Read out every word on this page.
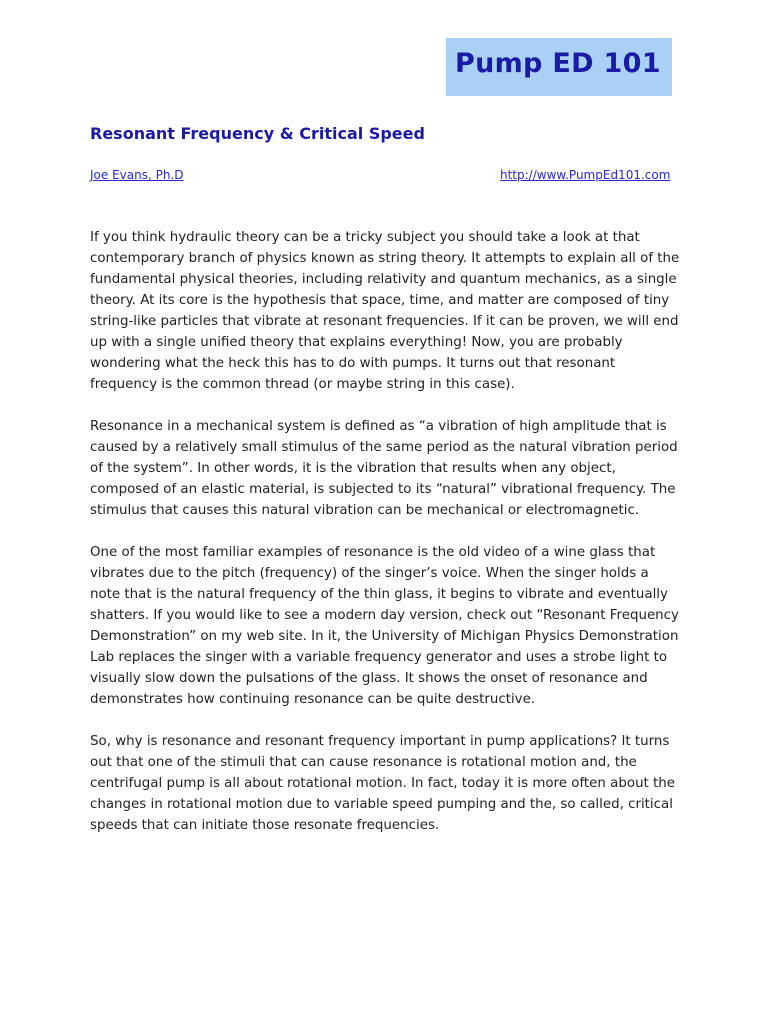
Pump ED 101
Resonant Frequency & Critical Speed
Joe Evans, Ph.D	http://www.PumpEd101.com

If you think hydraulic theory can be a tricky subject you should take a look at that contemporary branch of physics known as string theory. It attempts to explain all of the fundamental physical theories, including relativity and quantum mechanics, as a single theory. At its core is the hypothesis that space, time, and matter are composed of tiny string-like particles that vibrate at resonant frequencies. If it can be proven, we will end up with a single unified theory that explains everything! Now, you are probably wondering what the heck this has to do with pumps. It turns out that resonant frequency is the common thread (or maybe string in this case).

Resonance in a mechanical system is defined as “a vibration of high amplitude that is caused by a relatively small stimulus of the same period as the natural vibration period of the system”. In other words, it is the vibration that results when any object, composed of an elastic material, is subjected to its “natural” vibrational frequency. The stimulus that causes this natural vibration can be mechanical or electromagnetic.

One of the most familiar examples of resonance is the old video of a wine glass that vibrates due to the pitch (frequency) of the singer’s voice. When the singer holds a note that is the natural frequency of the thin glass, it begins to vibrate and eventually shatters. If you would like to see a modern day version, check out “Resonant Frequency Demonstration” on my web site. In it, the University of Michigan Physics Demonstration Lab replaces the singer with a variable frequency generator and uses a strobe light to visually slow down the pulsations of the glass. It shows the onset of resonance and demonstrates how continuing resonance can be quite destructive.

So, why is resonance and resonant frequency important in pump applications? It turns out that one of the stimuli that can cause resonance is rotational motion and, the centrifugal pump is all about rotational motion. In fact, today it is more often about the changes in rotational motion due to variable speed pumping and the, so called, critical speeds that can initiate those resonate frequencies.
